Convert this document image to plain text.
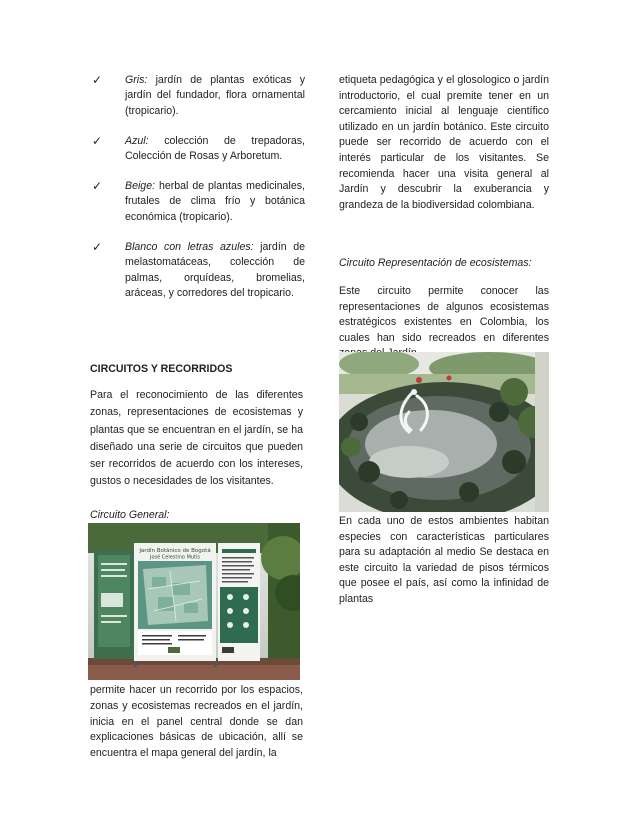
✓ Gris: jardín de plantas exóticas y jardín del fundador, flora ornamental (tropicario).

✓ Azul: colección de trepadoras, Colección de Rosas y Arboretum.

✓ Beige: herbal de plantas medicinales, frutales de clima frío y botánica económica (tropicario).

✓ Blanco con letras azules: jardín de melastomatáceas, colección de palmas, orquídeas, bromelias, aráceas, y corredores del tropicario.

CIRCUITOS Y RECORRIDOS

Para el reconocimiento de las diferentes zonas, representaciones de ecosistemas y plantas que se encuentran en el jardín, se ha diseñado una serie de circuitos que pueden ser recorridos de acuerdo con los intereses, gustos o necesidades de los visitantes.

Circuito General:

Jardín Botánico de Bogotá
José Celestino Mutis

permite hacer un recorrido por los espacios, zonas y ecosistemas recreados en el jardín, inicia en el panel central donde se dan explicaciones básicas de ubicación, allí se encuentra el mapa general del jardín, la

etiqueta pedagógica y el glosologico o jardín introductorio, el cual premite tener en un cercamiento inicial al lenguaje científico utilizado en un jardín botánico. Este circuito puede ser recorrido de acuerdo con el interés particular de los visitantes. Se recomienda hacer una visita general al Jardín y descubrir la exuberancia y grandeza de la biodiversidad colombiana.

Circuito Representación de ecosistemas:

Este circuito permite conocer las representaciones de algunos ecosistemas estratégicos existentes en Colombia, los cuales han sido recreados en diferentes

En cada uno de estos ambientes habitan especies con características particulares para su adaptación al medio Se destaca en este circuito la variedad de pisos térmicos que posee el país, así como la infinidad de plantas
